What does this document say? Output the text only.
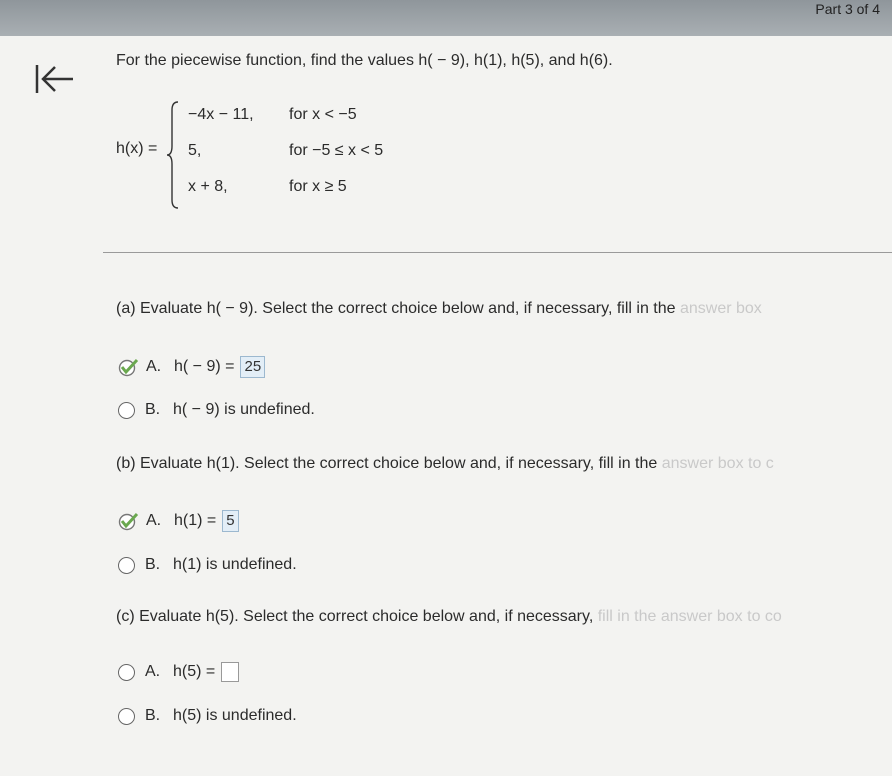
Part 3 of 4
For the piecewise function, find the values h( − 9), h(1), h(5), and h(6).
h(x) =
−4x − 11, for x < −5
5,	for −5 ≤ x < 5
x + 8,	for x ≥ 5
(a) Evaluate h( − 9). Select the correct choice below and, if necessary, fill in the answer box
A. h( − 9) = 25
B. h( − 9) is undefined.
(b) Evaluate h(1). Select the correct choice below and, if necessary, fill in the answer box to c
A. h(1) = 5
B. h(1) is undefined.
(c) Evaluate h(5). Select the correct choice below and, if necessary, fill in the answer box to co
A. h(5) =
B. h(5) is undefined.
